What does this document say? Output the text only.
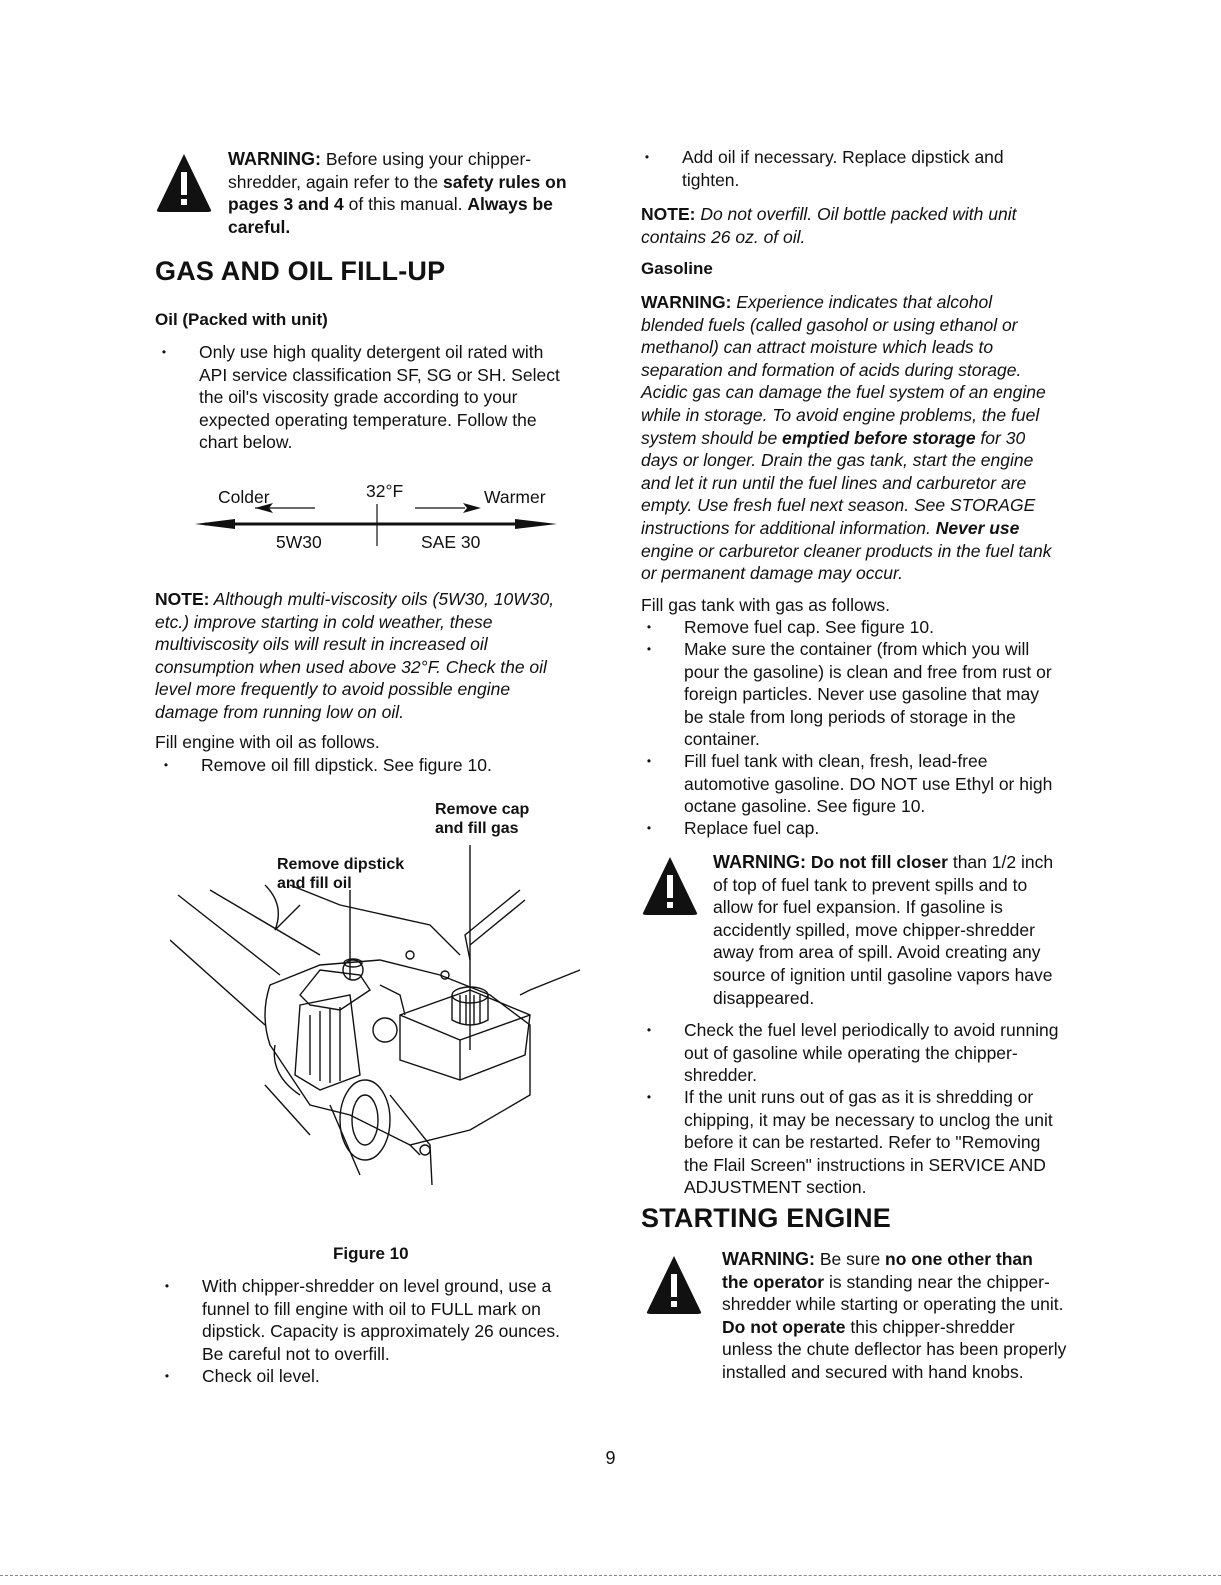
WARNING: Before using your chipper-
shredder, again refer to the safety rules on
pages 3 and 4 of this manual. Always be
careful.
GAS AND OIL FILL-UP
Oil (Packed with unit)
• Only use high quality detergent oil rated with
API service classification SF, SG or SH. Select
the oil's viscosity grade according to your
expected operating temperature. Follow the
chart below.
Colder	32°F	Warmer
5W30	SAE 30
NOTE: Although multi-viscosity oils (5W30, 10W30,
etc.) improve starting in cold weather, these
multiviscosity oils will result in increased oil
consumption when used above 32°F. Check the oil
level more frequently to avoid possible engine
damage from running low on oil.
Fill engine with oil as follows.
• Remove oil fill dipstick. See figure 10.
Remove cap
and fill gas
Remove dipstick
and fill oil
Figure 10
• With chipper-shredder on level ground, use a
funnel to fill engine with oil to FULL mark on
dipstick. Capacity is approximately 26 ounces.
Be careful not to overfill.
• Check oil level.
• Add oil if necessary. Replace dipstick and
tighten.
NOTE: Do not overfill. Oil bottle packed with unit
contains 26 oz. of oil.
Gasoline
WARNING: Experience indicates that alcohol
blended fuels (called gasohol or using ethanol or
methanol) can attract moisture which leads to
separation and formation of acids during storage.
Acidic gas can damage the fuel system of an engine
while in storage. To avoid engine problems, the fuel
system should be emptied before storage for 30
days or longer. Drain the gas tank, start the engine
and let it run until the fuel lines and carburetor are
empty. Use fresh fuel next season. See STORAGE
instructions for additional information. Never use
engine or carburetor cleaner products in the fuel tank
or permanent damage may occur.
Fill gas tank with gas as follows.
• Remove fuel cap. See figure 10.
• Make sure the container (from which you will
pour the gasoline) is clean and free from rust or
foreign particles. Never use gasoline that may
be stale from long periods of storage in the
container.
• Fill fuel tank with clean, fresh, lead-free
automotive gasoline. DO NOT use Ethyl or high
octane gasoline. See figure 10.
• Replace fuel cap.
WARNING: Do not fill closer than 1/2 inch
of top of fuel tank to prevent spills and to
allow for fuel expansion. If gasoline is
accidently spilled, move chipper-shredder
away from area of spill. Avoid creating any
source of ignition until gasoline vapors have
disappeared.
• Check the fuel level periodically to avoid running
out of gasoline while operating the chipper-
shredder.
• If the unit runs out of gas as it is shredding or
chipping, it may be necessary to unclog the unit
before it can be restarted. Refer to "Removing
the Flail Screen" instructions in SERVICE AND
ADJUSTMENT section.
STARTING ENGINE
WARNING: Be sure no one other than
the operator is standing near the chipper-
shredder while starting or operating the unit.
Do not operate this chipper-shredder
unless the chute deflector has been properly
installed and secured with hand knobs.
9
